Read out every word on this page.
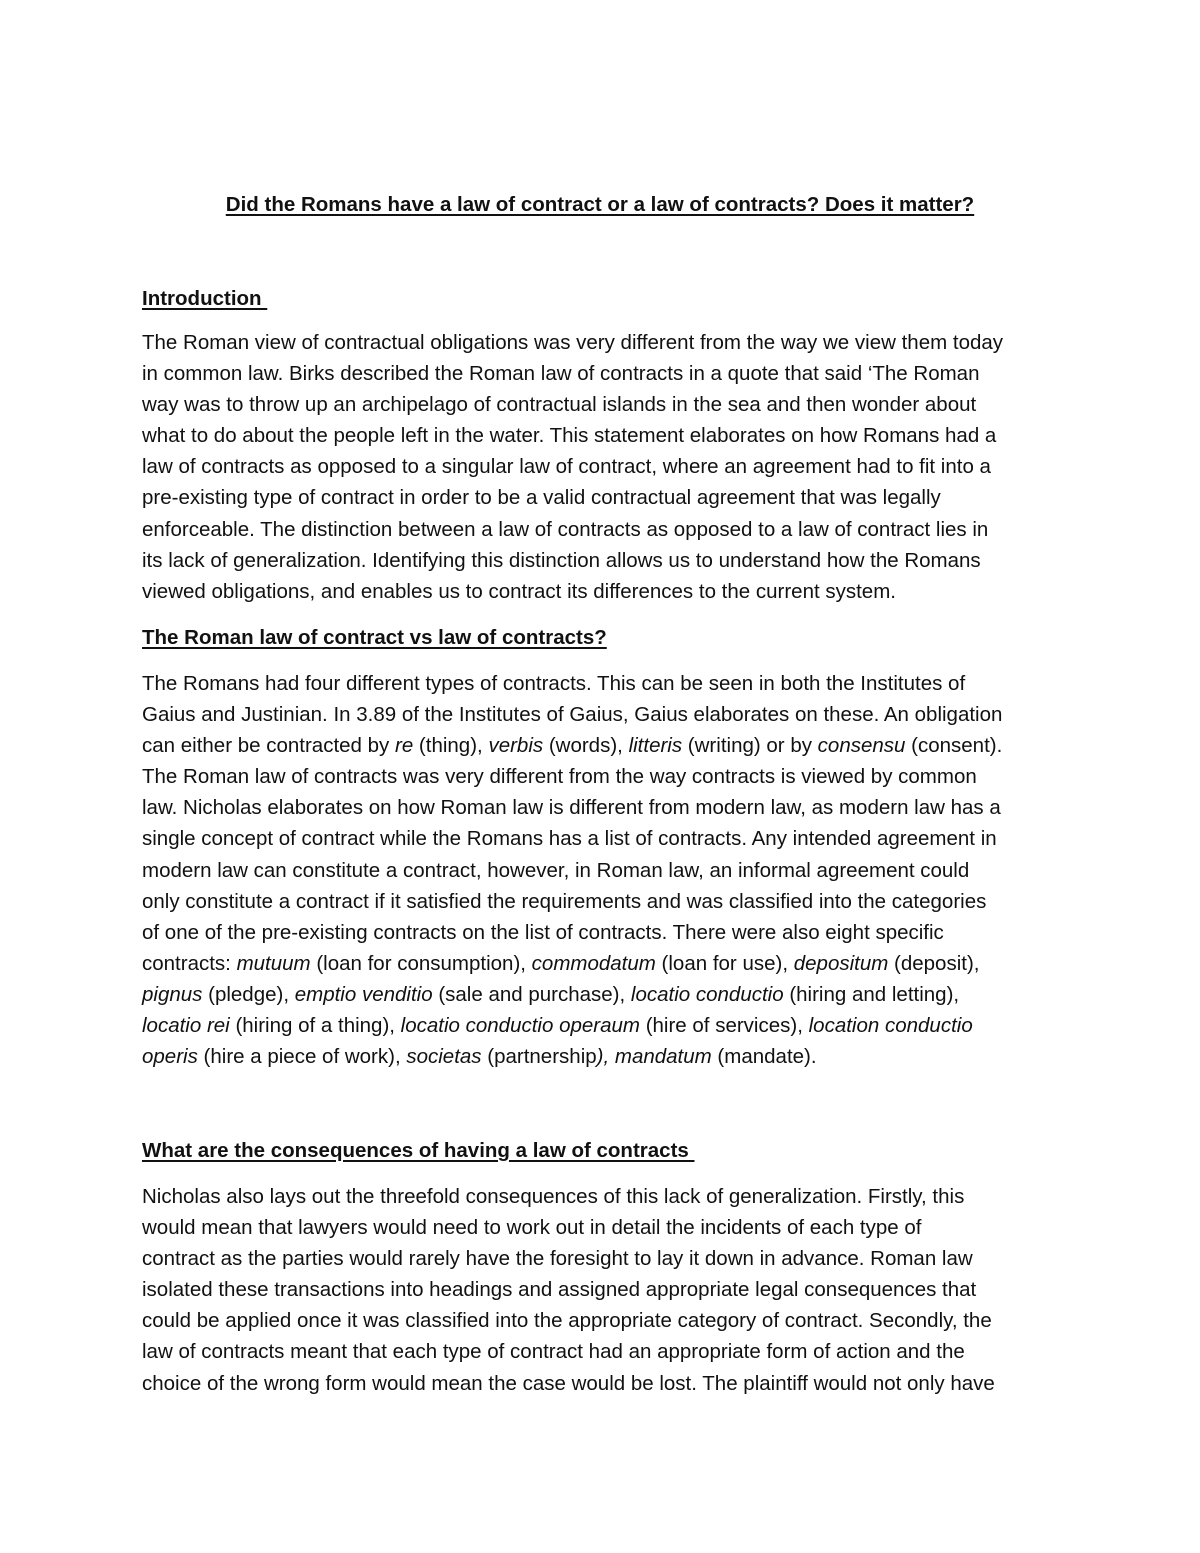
Did the Romans have a law of contract or a law of contracts? Does it matter?
Introduction
The Roman view of contractual obligations was very different from the way we view them today
in common law. Birks described the Roman law of contracts in a quote that said ‘The Roman
way was to throw up an archipelago of contractual islands in the sea and then wonder about
what to do about the people left in the water. This statement elaborates on how Romans had a
law of contracts as opposed to a singular law of contract, where an agreement had to fit into a
pre-existing type of contract in order to be a valid contractual agreement that was legally
enforceable. The distinction between a law of contracts as opposed to a law of contract lies in
its lack of generalization. Identifying this distinction allows us to understand how the Romans
viewed obligations, and enables us to contract its differences to the current system.
The Roman law of contract vs law of contracts?
The Romans had four different types of contracts. This can be seen in both the Institutes of
Gaius and Justinian. In 3.89 of the Institutes of Gaius, Gaius elaborates on these. An obligation
can either be contracted by re (thing), verbis (words), litteris (writing) or by consensu (consent).
The Roman law of contracts was very different from the way contracts is viewed by common
law. Nicholas elaborates on how Roman law is different from modern law, as modern law has a
single concept of contract while the Romans has a list of contracts. Any intended agreement in
modern law can constitute a contract, however, in Roman law, an informal agreement could
only constitute a contract if it satisfied the requirements and was classified into the categories
of one of the pre-existing contracts on the list of contracts. There were also eight specific
contracts: mutuum (loan for consumption), commodatum (loan for use), depositum (deposit),
pignus (pledge), emptio venditio (sale and purchase), locatio conductio (hiring and letting),
locatio rei (hiring of a thing), locatio conductio operaum (hire of services), location conductio
operis (hire a piece of work), societas (partnership), mandatum (mandate).
What are the consequences of having a law of contracts
Nicholas also lays out the threefold consequences of this lack of generalization. Firstly, this
would mean that lawyers would need to work out in detail the incidents of each type of
contract as the parties would rarely have the foresight to lay it down in advance. Roman law
isolated these transactions into headings and assigned appropriate legal consequences that
could be applied once it was classified into the appropriate category of contract. Secondly, the
law of contracts meant that each type of contract had an appropriate form of action and the
choice of the wrong form would mean the case would be lost. The plaintiff would not only have
